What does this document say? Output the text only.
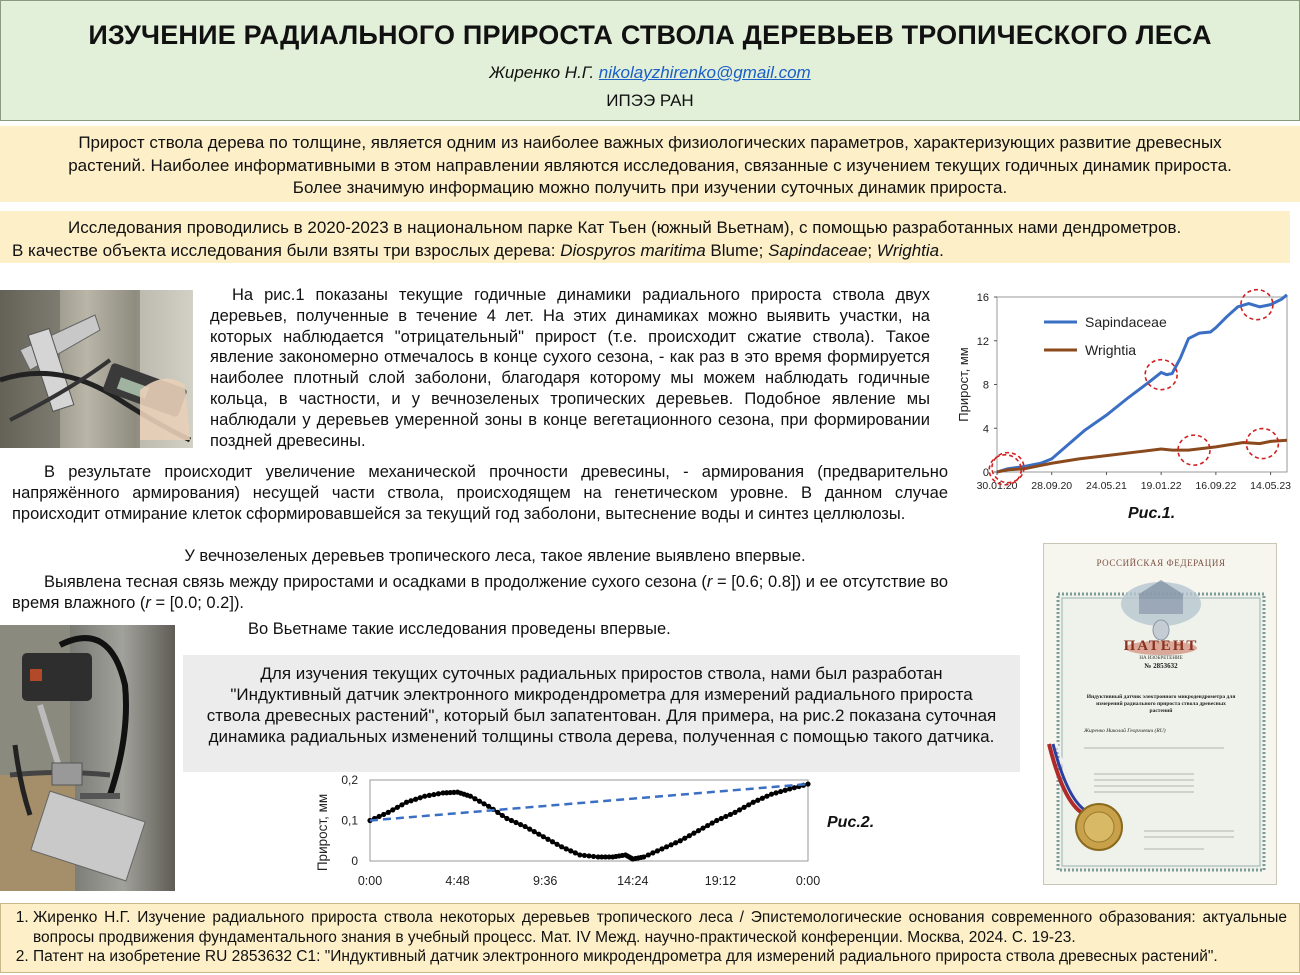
ИЗУЧЕНИЕ РАДИАЛЬНОГО ПРИРОСТА СТВОЛА ДЕРЕВЬЕВ ТРОПИЧЕСКОГО ЛЕСА
Жиренко Н.Г. nikolayzhirenko@gmail.com
ИПЭЭ РАН
Прирост ствола дерева по толщине, является одним из наиболее важных физиологических параметров, характеризующих развитие древесных
растений. Наиболее информативными в этом направлении являются исследования, связанные с изучением текущих годичных динамик прироста.
Более значимую информацию можно получить при изучении суточных динамик прироста.
Исследования проводились в 2020-2023 в национальном парке Кат Тьен (южный Вьетнам), с помощью разработанных нами дендрометров.
В качестве объекта исследования были взяты три взрослых дерева: Diospyros maritima Blume; Sapindaceae; Wrightia.
На рис.1 показаны текущие годичные динамики радиального прироста ствола двух деревьев, полученные в течение 4 лет. На этих динамиках можно выявить участки, на которых наблюдается "отрицательный" прирост (т.е. происходит сжатие ствола). Такое явление закономерно отмечалось в конце сухого сезона, - как раз в это время формируется наиболее плотный слой заболони, благодаря которому мы можем наблюдать годичные кольца, в частности, и у вечнозеленых тропических деревьев. Подобное явление мы наблюдали у деревьев умеренной зоны в конце вегетационного сезона, при формировании поздней древесины.
0
4
8
12
16
30.01.20 28.09.20 24.05.21 19.01.22 16.09.22 14.05.23
Прирост, мм
Sapindaceae
Wrightia
Рис.1.
В результате происходит увеличение механической прочности древесины, - армирования (предварительно напряжённого армирования) несущей части ствола, происходящем на генетическом уровне. В данном случае происходит отмирание клеток сформировавшейся за текущий год заболони, вытеснение воды и синтез целлюлозы.
У вечнозеленых деревьев тропического леса, такое явление выявлено впервые.
Выявлена тесная связь между приростами и осадками в продолжение сухого сезона (r = [0.6; 0.8]) и ее отсутствие во время влажного (r = [0.0; 0.2]).
Во Вьетнаме такие исследования проведены впервые.
Для изучения текущих суточных радиальных приростов ствола, нами был разработан "Индуктивный датчик электронного микродендрометра для измерений радиального прироста ствола древесных растений", который был запатентован. Для примера, на рис.2 показана суточная динамика радиальных изменений толщины ствола дерева, полученная с помощью такого датчика.
0
0,1
0,2
0:00	4:48	9:36	14:24	19:12	0:00
Прирост, мм	Рис.2.
РОССИЙСКАЯ ФЕДЕРАЦИЯ
ПАТЕНТ
НА ИЗОБРЕТЕНИЕ
№ 2853632
Индуктивный датчик электронного микродендрометра для измерений радиального прироста ствола древесных растений
Жиренко Николай Георгиевич (RU)
1. Жиренко Н.Г. Изучение радиального прироста ствола некоторых деревьев тропического леса / Эпистемологические основания современного образования: актуальные вопросы продвижения фундаментального знания в учебный процесс. Мат. IV Межд. научно-практической конференции. Москва, 2024. С. 19-23.
2. Патент на изобретение RU 2853632 C1: "Индуктивный датчик электронного микродендрометра для измерений радиального прироста ствола древесных растений".
